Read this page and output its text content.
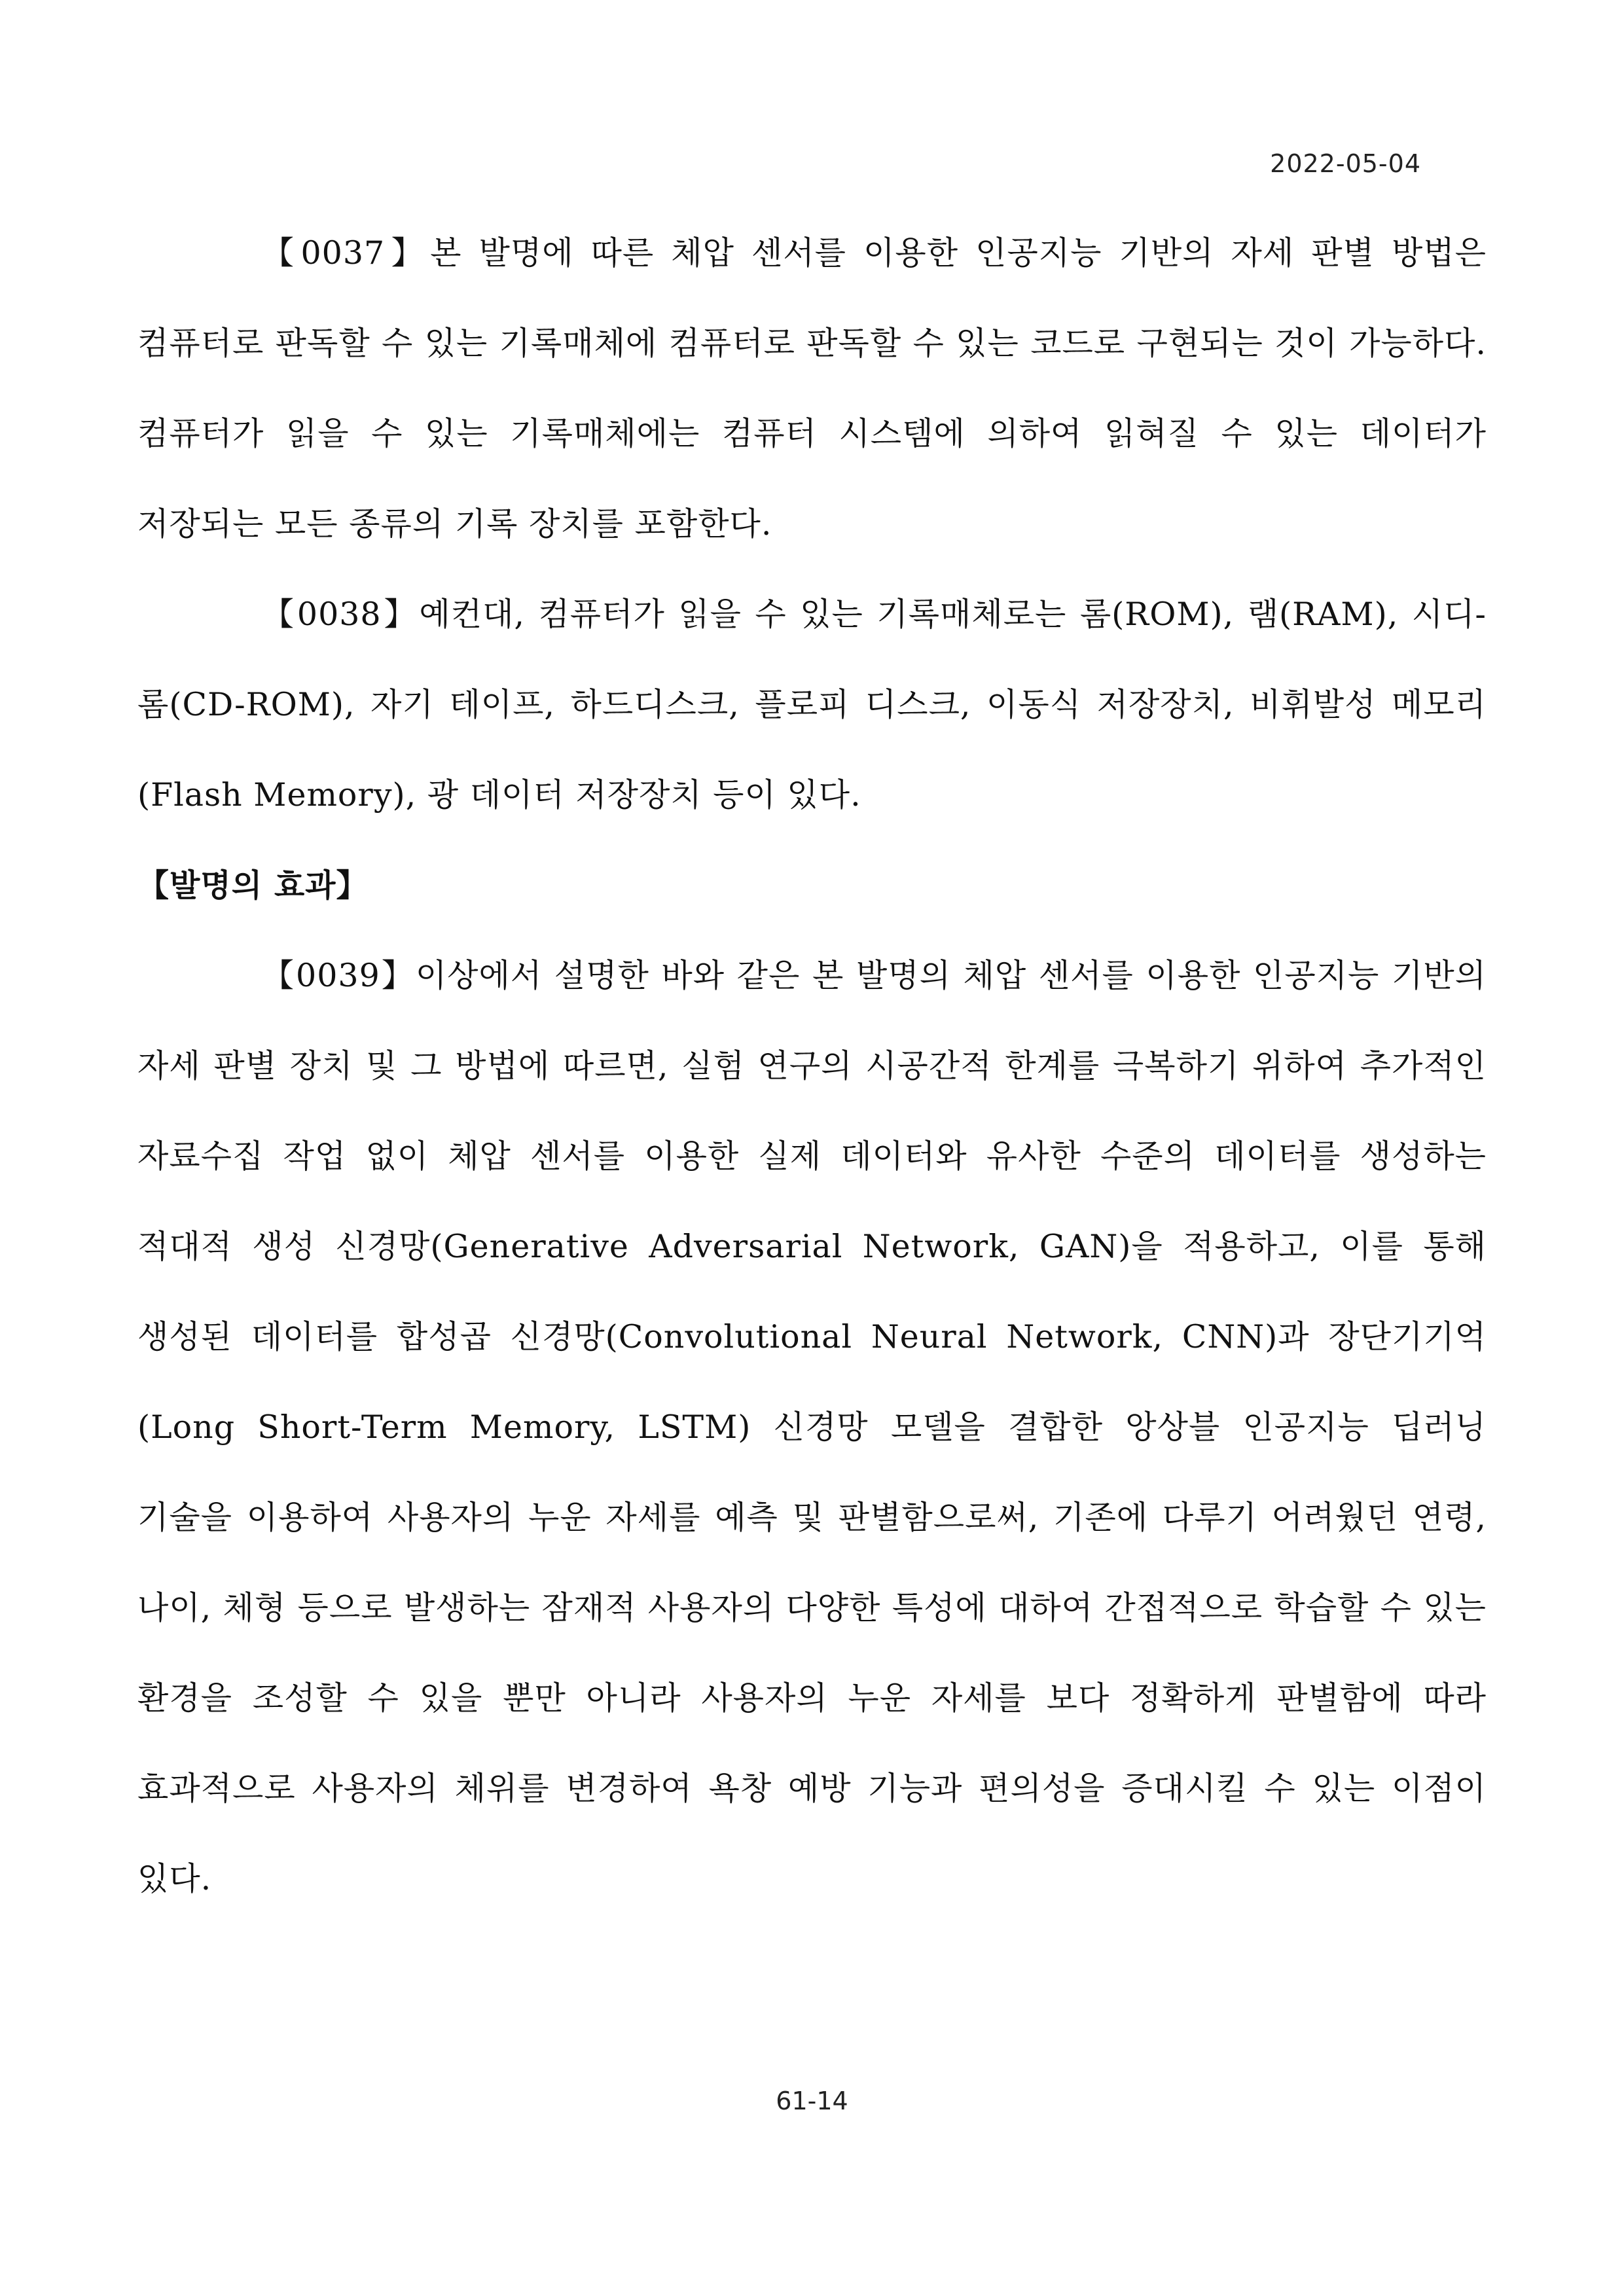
2022-05-04

【0037】본 발명에 따른 체압 센서를 이용한 인공지능 기반의 자세 판별 방법은 컴퓨터로 판독할 수 있는 기록매체에 컴퓨터로 판독할 수 있는 코드로 구현되는 것이 가능하다. 컴퓨터가 읽을 수 있는 기록매체에는 컴퓨터 시스템에 의하여 읽혀질 수 있는 데이터가 저장되는 모든 종류의 기록 장치를 포함한다.

【0038】예컨대, 컴퓨터가 읽을 수 있는 기록매체로는 롬(ROM), 램(RAM), 시디-롬(CD-ROM), 자기 테이프, 하드디스크, 플로피 디스크, 이동식 저장장치, 비휘발성 메모리(Flash Memory), 광 데이터 저장장치 등이 있다.

【발명의 효과】

【0039】이상에서 설명한 바와 같은 본 발명의 체압 센서를 이용한 인공지능 기반의 자세 판별 장치 및 그 방법에 따르면, 실험 연구의 시공간적 한계를 극복하기 위하여 추가적인 자료수집 작업 없이 체압 센서를 이용한 실제 데이터와 유사한 수준의 데이터를 생성하는 적대적 생성 신경망(Generative Adversarial Network, GAN)을 적용하고, 이를 통해 생성된 데이터를 합성곱 신경망(Convolutional Neural Network, CNN)과 장단기기억(Long Short-Term Memory, LSTM) 신경망 모델을 결합한 앙상블 인공지능 딥러닝 기술을 이용하여 사용자의 누운 자세를 예측 및 판별함으로써, 기존에 다루기 어려웠던 연령, 나이, 체형 등으로 발생하는 잠재적 사용자의 다양한 특성에 대하여 간접적으로 학습할 수 있는 환경을 조성할 수 있을 뿐만 아니라 사용자의 누운 자세를 보다 정확하게 판별함에 따라 효과적으로 사용자의 체위를 변경하여 욕창 예방 기능과 편의성을 증대시킬 수 있는 이점이 있다.

61-14
